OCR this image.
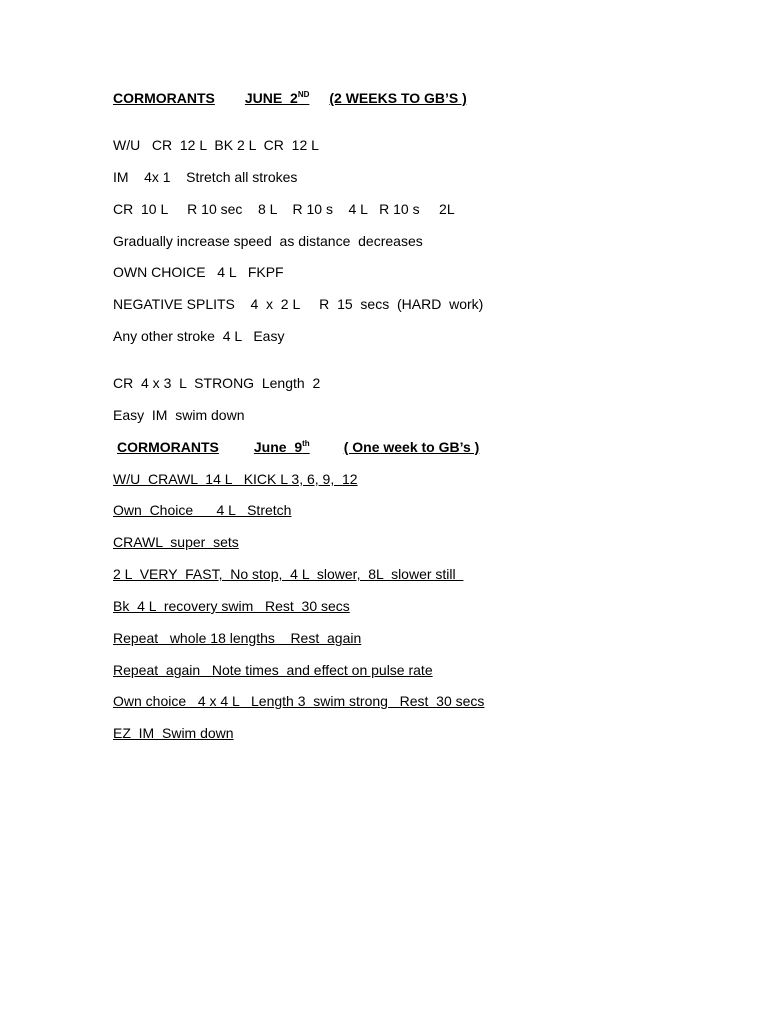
CORMORANTS JUNE  2ND (2 WEEKS TO GB’S )
W/U   CR  12 L  BK 2 L  CR  12 L
IM    4x 1    Stretch all strokes
CR  10 L     R 10 sec    8 L    R 10 s    4 L   R 10 s     2L
Gradually increase speed  as distance  decreases
OWN CHOICE   4 L   FKPF
NEGATIVE SPLITS    4  x  2 L     R  15  secs  (HARD  work)
Any other stroke  4 L   Easy
CR  4 x 3  L  STRONG  Length  2
Easy  IM  swim down
CORMORANTS	June  9th ( One week to GB’s )
W/U  CRAWL  14 L   KICK L 3, 6, 9,  12
Own  Choice      4 L   Stretch
CRAWL  super  sets
2 L  VERY  FAST,  No stop,  4 L  slower,  8L  slower still
Bk  4 L  recovery swim   Rest  30 secs
Repeat   whole 18 lengths    Rest  again
Repeat  again   Note times  and effect on pulse rate
Own choice   4 x 4 L   Length 3  swim strong   Rest  30 secs
EZ  IM  Swim down
